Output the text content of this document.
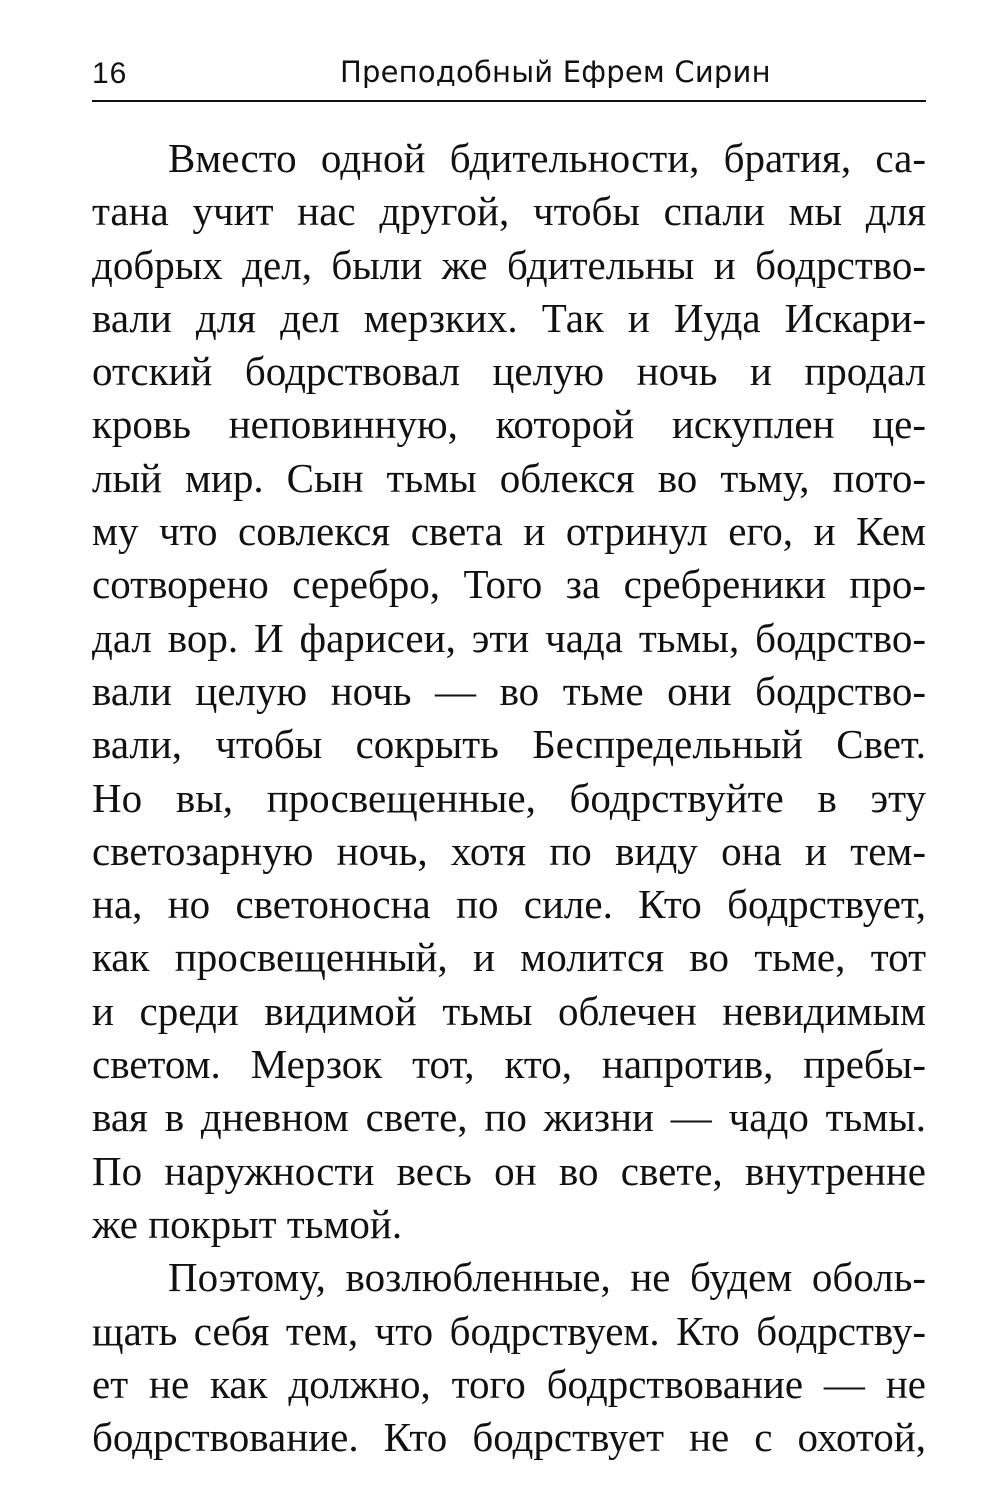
16	Преподобный Ефрем Сирин
Вместо одной бдительности, братия, са-
тана учит нас другой, чтобы спали мы для
добрых дел, были же бдительны и бодрство-
вали для дел мерзких. Так и Иуда Искари-
отский бодрствовал целую ночь и продал
кровь неповинную, которой искуплен це-
лый мир. Сын тьмы облекся во тьму, пото-
му что совлекся света и отринул его, и Кем
сотворено серебро, Того за сребреники про-
дал вор. И фарисеи, эти чада тьмы, бодрство-
вали целую ночь — во тьме они бодрство-
вали, чтобы сокрыть Беспредельный Свет.
Но вы, просвещенные, бодрствуйте в эту
светозарную ночь, хотя по виду она и тем-
на, но светоносна по силе. Кто бодрствует,
как просвещенный, и молится во тьме, тот
и среди видимой тьмы облечен невидимым
светом. Мерзок тот, кто, напротив, пребы-
вая в дневном свете, по жизни — чадо тьмы.
По наружности весь он во свете, внутренне
же покрыт тьмой.
Поэтому, возлюбленные, не будем оболь-
щать себя тем, что бодрствуем. Кто бодрству-
ет не как должно, того бодрствование — не
бодрствование. Кто бодрствует не с охотой,
